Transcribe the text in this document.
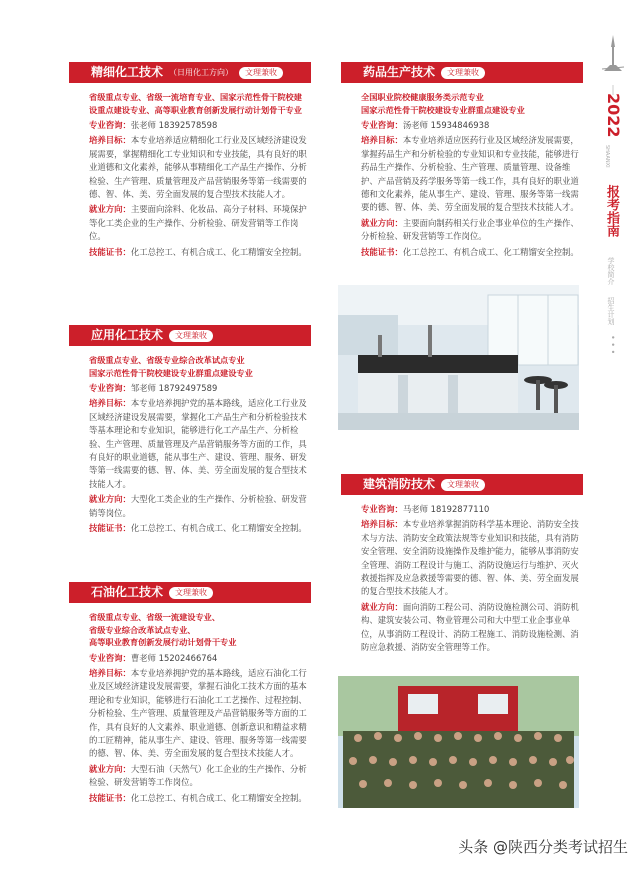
2022
SHAANXI
报考指南
学校简介
招生计划
• • •
精细化工技术 （日用化工方向）	文理兼收
省级重点专业、省级一流培育专业、国家示范性骨干院校建
设重点建设专业、高等职业教育创新发展行动计划骨干专业

专业咨询：张老师 18392578598

培养目标：本专业培养适应精细化工行业及区域经济建设发展需要，掌握精细化工专业知识和专业技能，具有良好的职业道德和文化素养，能够从事精细化工产品生产操作、分析检验、生产管理、质量管理及产品营销服务等第一线需要的德、智、体、美、劳全面发展的复合型技术技能人才。

就业方向：主要面向涂料、化妆品、高分子材料、环境保护等化工类企业的生产操作、分析检验、研发营销等工作岗位。

技能证书：化工总控工、有机合成工、化工精馏安全控制。

应用化工技术	文理兼收
省级重点专业、省级专业综合改革试点专业
国家示范性骨干院校建设专业群重点建设专业

专业咨询：邹老师 18792497589

培养目标：本专业培养拥护党的基本路线，适应化工行业及区域经济建设发展需要，掌握化工产品生产和分析检验技术等基本理论和专业知识，能够进行化工产品生产、分析检验、生产管理、质量管理及产品营销服务等方面的工作，具有良好的职业道德，能从事生产、建设、管理、服务、研发等第一线需要的德、智、体、美、劳全面发展的复合型技术技能人才。

就业方向：大型化工类企业的生产操作、分析检验、研发营销等岗位。

技能证书：化工总控工、有机合成工、化工精馏安全控制。

石油化工技术	文理兼收
省级重点专业、省级一流建设专业、
省级专业综合改革试点专业、
高等职业教育创新发展行动计划骨干专业

专业咨询：曹老师 15202466764

培养目标：本专业培养拥护党的基本路线，适应石油化工行业及区域经济建设发展需要，掌握石油化工技术方面的基本理论和专业知识，能够进行石油化工工艺操作、过程控制、分析检验、生产管理、质量管理及产品营销服务等方面的工作，具有良好的人文素养、职业道德、创新意识和精益求精的工匠精神，能从事生产、建设、管理、服务等第一线需要的德、智、体、美、劳全面发展的复合型技术技能人才。

就业方向：大型石油（天然气）化工企业的生产操作、分析检验、研发营销等工作岗位。

技能证书：化工总控工、有机合成工、化工精馏安全控制。

药品生产技术	文理兼收
全国职业院校健康服务类示范专业
国家示范性骨干院校建设专业群重点建设专业

专业咨询：汤老师 15934846938

培养目标：本专业培养适应医药行业及区域经济发展需要，掌握药品生产和分析检验的专业知识和专业技能，能够进行药品生产操作、分析检验、生产管理、质量管理、设备维护、产品营销及药学服务等第一线工作，具有良好的职业道德和文化素养，能从事生产、建设、管理、服务等第一线需要的德、智、体、美、劳全面发展的复合型技术技能人才。

就业方向：主要面向制药相关行业企事业单位的生产操作、分析检验、研发营销等工作岗位。

技能证书：化工总控工、有机合成工、化工精馏安全控制。

建筑消防技术	文理兼收

专业咨询：马老师 18192877110

培养目标：本专业培养掌握消防科学基本理论、消防安全技术与方法、消防安全政策法规等专业知识和技能，具有消防安全管理、安全消防设施操作及维护能力，能够从事消防安全管理、消防工程设计与施工、消防设施运行与维护、灭火救援指挥及应急救援等需要的德、智、体、美、劳全面发展的复合型技术技能人才。

就业方向：面向消防工程公司、消防设施检测公司、消防机构、建筑安装公司、物业管理公司和大中型工业企事业单位，从事消防工程设计、消防工程施工、消防设施检测、消防应急救援、消防安全管理等工作。

头条 @陕西分类考试招生
